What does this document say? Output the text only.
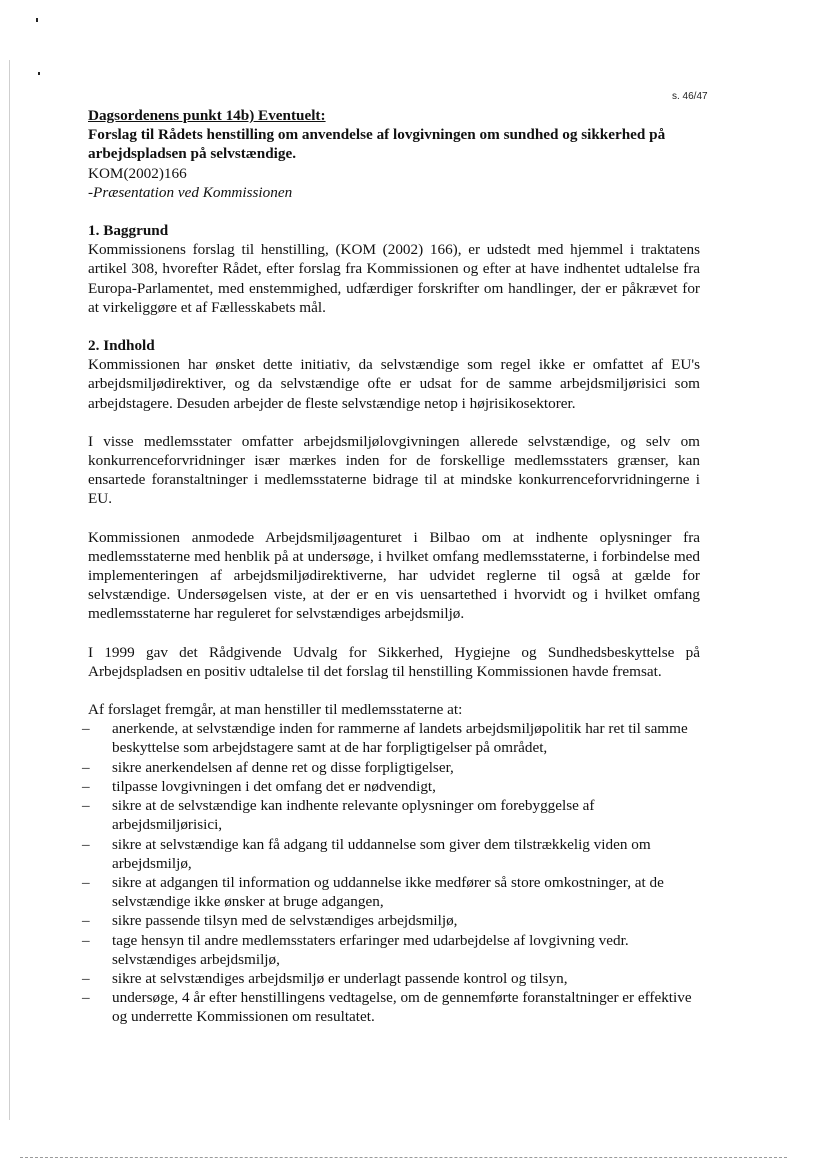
s. 46/47

Dagsordenens punkt 14b) Eventuelt:

Forslag til Rådets henstilling om anvendelse af lovgivningen om sundhed og sikkerhed på arbejdspladsen på selvstændige.

KOM(2002)166

-Præsentation ved Kommissionen

1. Baggrund

Kommissionens forslag til henstilling, (KOM (2002) 166), er udstedt med hjemmel i traktatens artikel 308, hvorefter Rådet, efter forslag fra Kommissionen og efter at have indhentet udtalelse fra Europa-Parlamentet, med enstemmighed, udfærdiger forskrifter om handlinger, der er påkrævet for at virkeliggøre et af Fællesskabets mål.

2. Indhold

Kommissionen har ønsket dette initiativ, da selvstændige som regel ikke er omfattet af EU's arbejdsmiljødirektiver, og da selvstændige ofte er udsat for de samme arbejdsmiljørisici som arbejdstagere. Desuden arbejder de fleste selvstændige netop i højrisikosektorer.

I visse medlemsstater omfatter arbejdsmiljølovgivningen allerede selvstændige, og selv om konkurrenceforvridninger især mærkes inden for de forskellige medlemsstaters grænser, kan ensartede foranstaltninger i medlemsstaterne bidrage til at mindske konkurrenceforvridningerne i EU.

Kommissionen anmodede Arbejdsmiljøagenturet i Bilbao om at indhente oplysninger fra medlemsstaterne med henblik på at undersøge, i hvilket omfang medlemsstaterne, i forbindelse med implementeringen af arbejdsmiljødirektiverne, har udvidet reglerne til også at gælde for selvstændige. Undersøgelsen viste, at der er en vis uensartethed i hvorvidt og i hvilket omfang medlemsstaterne har reguleret for selvstændiges arbejdsmiljø.

I 1999 gav det Rådgivende Udvalg for Sikkerhed, Hygiejne og Sundhedsbeskyttelse på Arbejdspladsen en positiv udtalelse til det forslag til henstilling Kommissionen havde fremsat.

Af forslaget fremgår, at man henstiller til medlemsstaterne at:

– anerkende, at selvstændige inden for rammerne af landets arbejdsmiljøpolitik har ret til samme beskyttelse som arbejdstagere samt at de har forpligtigelser på området,
– sikre anerkendelsen af denne ret og disse forpligtigelser,
– tilpasse lovgivningen i det omfang det er nødvendigt,
– sikre at de selvstændige kan indhente relevante oplysninger om forebyggelse af arbejdsmiljørisici,
– sikre at selvstændige kan få adgang til uddannelse som giver dem tilstrækkelig viden om arbejdsmiljø,
– sikre at adgangen til information og uddannelse ikke medfører så store omkostninger, at de selvstændige ikke ønsker at bruge adgangen,
– sikre passende tilsyn med de selvstændiges arbejdsmiljø,
– tage hensyn til andre medlemsstaters erfaringer med udarbejdelse af lovgivning vedr. selvstændiges arbejdsmiljø,
– sikre at selvstændiges arbejdsmiljø er underlagt passende kontrol og tilsyn,
– undersøge, 4 år efter henstillingens vedtagelse, om de gennemførte foranstaltninger er effektive og underrette Kommissionen om resultatet.
